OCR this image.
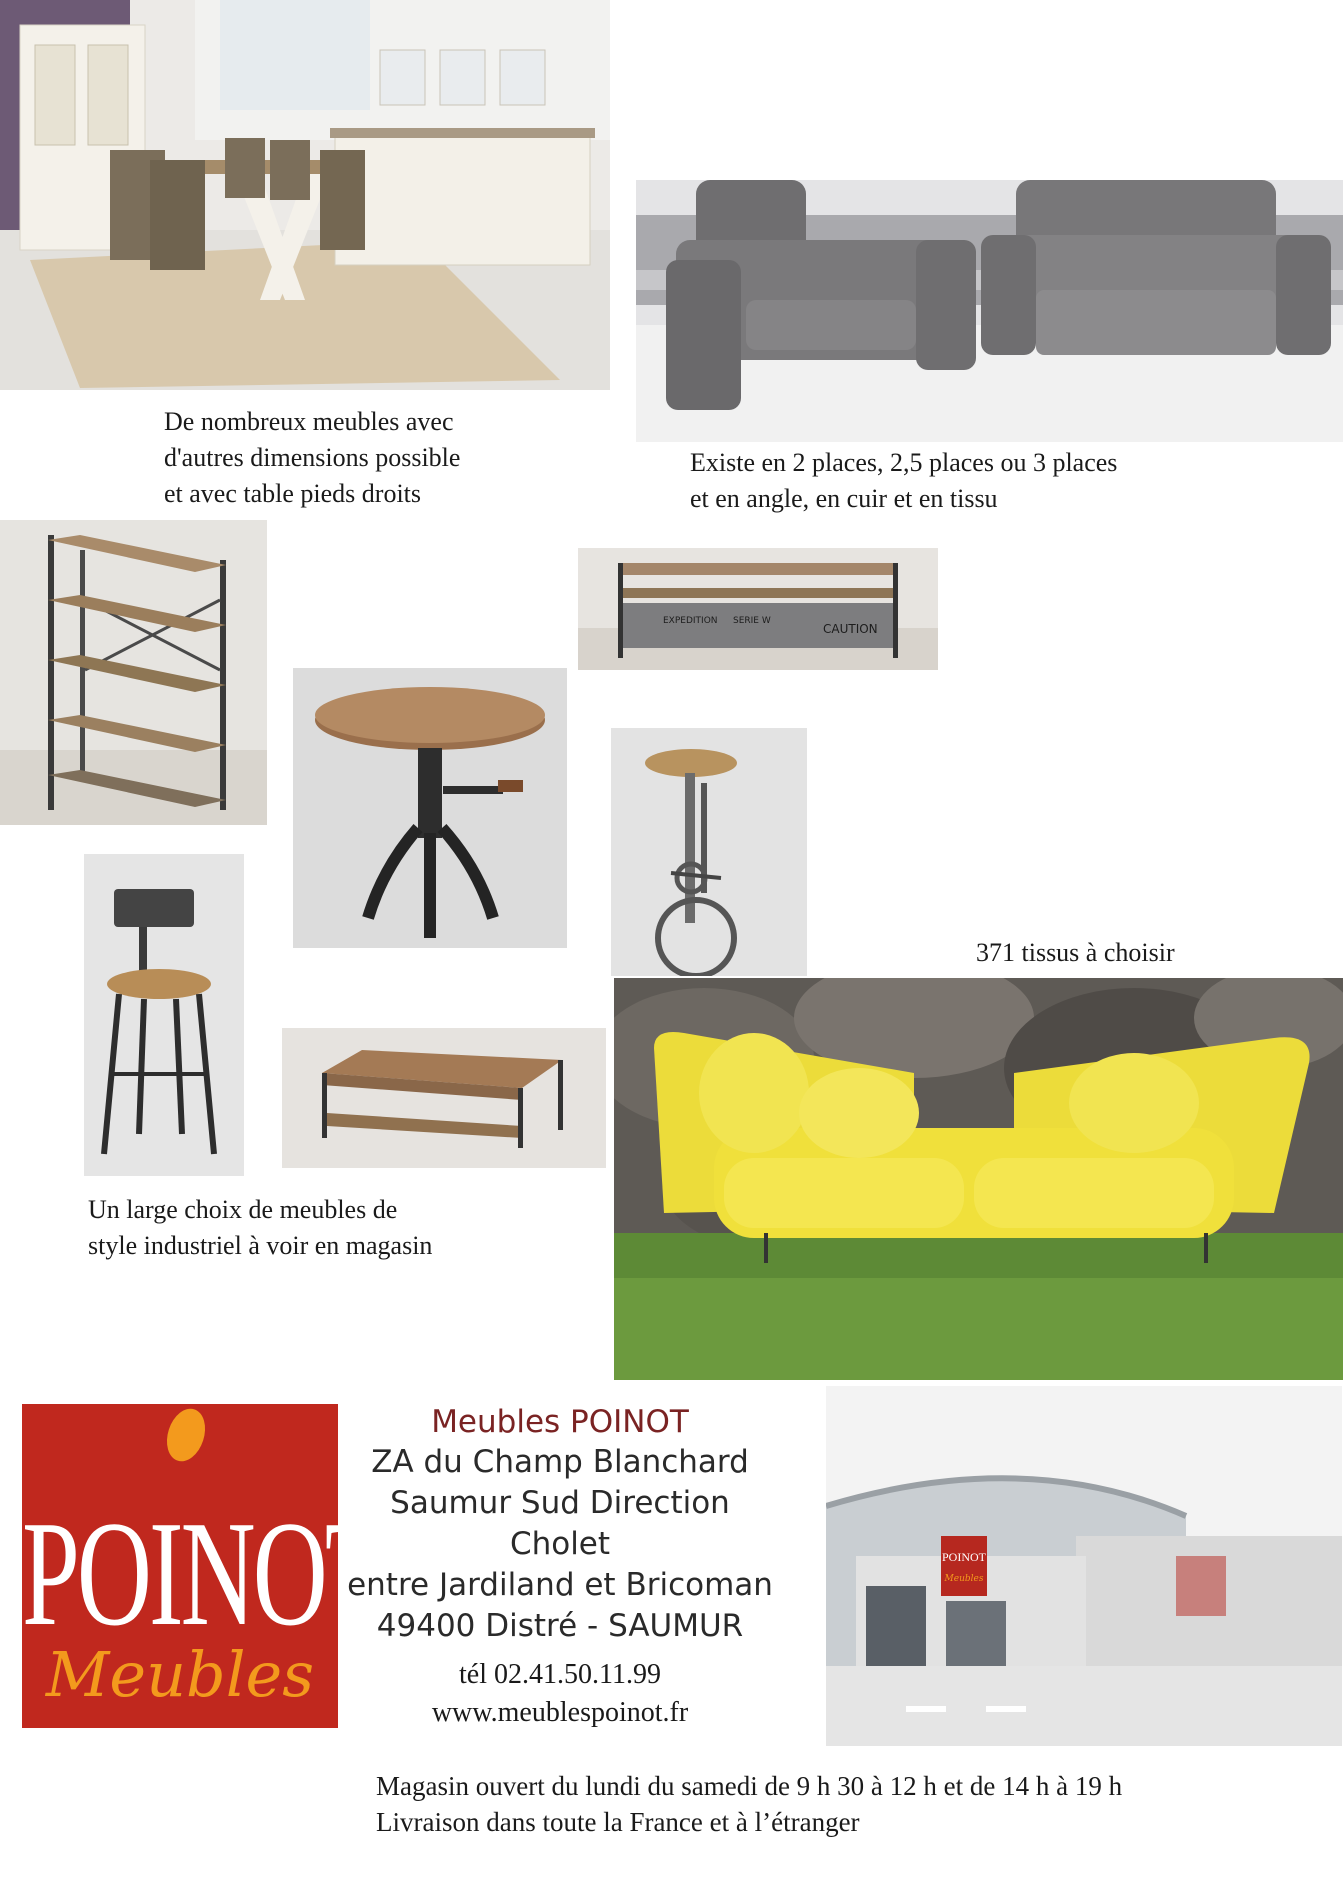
De nombreux meubles avec
d'autres dimensions possible
et avec table pieds droits
Existe en 2 places, 2,5 places ou 3 places
et en angle, en cuir et en tissu
EXPEDITION SERIE W
CAUTION
371 tissus à choisir
Un large choix de meubles de
style industriel à voir en magasin
POINOT
Meubles
Meubles POINOT
ZA du Champ Blanchard
Saumur Sud Direction Cholet
entre Jardiland et Bricoman
49400 Distré - SAUMUR
tél 02.41.50.11.99
www.meublespoinot.fr
POINOT
Meubles
Magasin ouvert du lundi du samedi de 9 h 30 à 12 h et de 14 h à 19 h
Livraison dans toute la France et à l’étranger
